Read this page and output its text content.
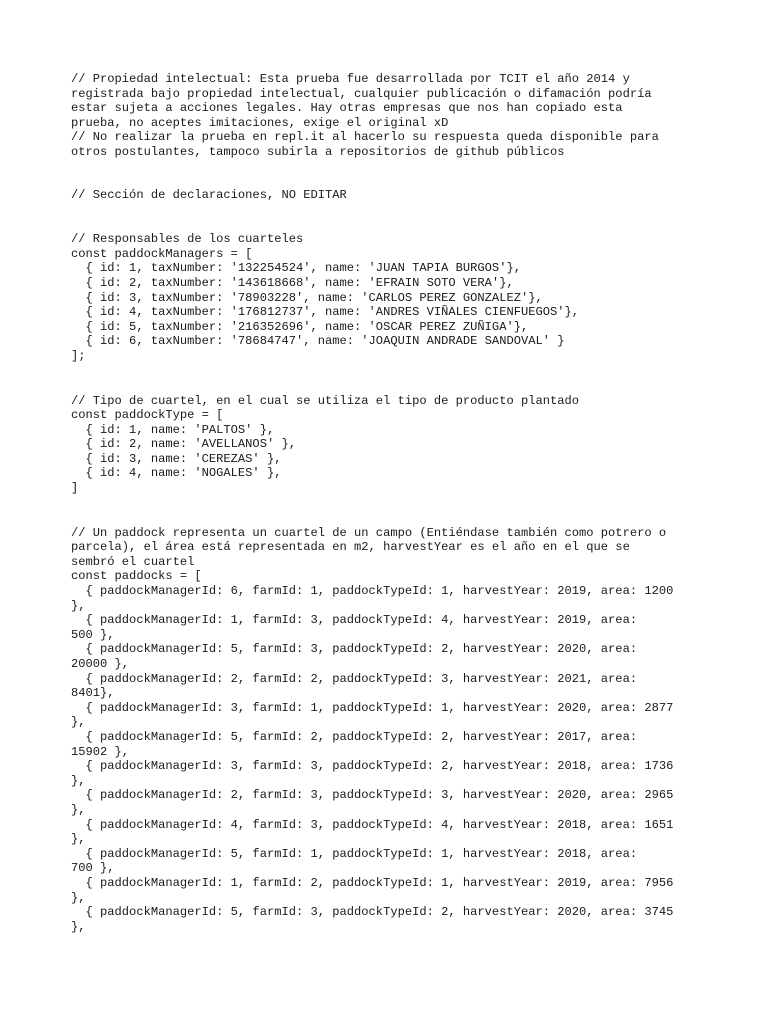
// Propiedad intelectual: Esta prueba fue desarrollada por TCIT el año 2014 y
registrada bajo propiedad intelectual, cualquier publicación o difamación podría
estar sujeta a acciones legales. Hay otras empresas que nos han copiado esta
prueba, no aceptes imitaciones, exige el original xD
// No realizar la prueba en repl.it al hacerlo su respuesta queda disponible para
otros postulantes, tampoco subirla a repositorios de github públicos
// Sección de declaraciones, NO EDITAR
// Responsables de los cuarteles
const paddockManagers = [
{ id: 1, taxNumber: '132254524', name: 'JUAN TAPIA BURGOS'},
{ id: 2, taxNumber: '143618668', name: 'EFRAIN SOTO VERA'},
{ id: 3, taxNumber: '78903228', name: 'CARLOS PEREZ GONZALEZ'},
{ id: 4, taxNumber: '176812737', name: 'ANDRES VIÑALES CIENFUEGOS'},
{ id: 5, taxNumber: '216352696', name: 'OSCAR PEREZ ZUÑIGA'},
{ id: 6, taxNumber: '78684747', name: 'JOAQUIN ANDRADE SANDOVAL' }
];
// Tipo de cuartel, en el cual se utiliza el tipo de producto plantado
const paddockType = [
{ id: 1, name: 'PALTOS' },
{ id: 2, name: 'AVELLANOS' },
{ id: 3, name: 'CEREZAS' },
{ id: 4, name: 'NOGALES' },
]
// Un paddock representa un cuartel de un campo (Entiéndase también como potrero o
parcela), el área está representada en m2, harvestYear es el año en el que se
sembró el cuartel
const paddocks = [
{ paddockManagerId: 6, farmId: 1, paddockTypeId: 1, harvestYear: 2019, area: 1200
},
{ paddockManagerId: 1, farmId: 3, paddockTypeId: 4, harvestYear: 2019, area:
500 },
{ paddockManagerId: 5, farmId: 3, paddockTypeId: 2, harvestYear: 2020, area:
20000 },
{ paddockManagerId: 2, farmId: 2, paddockTypeId: 3, harvestYear: 2021, area:
8401},
{ paddockManagerId: 3, farmId: 1, paddockTypeId: 1, harvestYear: 2020, area: 2877
},
{ paddockManagerId: 5, farmId: 2, paddockTypeId: 2, harvestYear: 2017, area:
15902 },
{ paddockManagerId: 3, farmId: 3, paddockTypeId: 2, harvestYear: 2018, area: 1736
},
{ paddockManagerId: 2, farmId: 3, paddockTypeId: 3, harvestYear: 2020, area: 2965
},
{ paddockManagerId: 4, farmId: 3, paddockTypeId: 4, harvestYear: 2018, area: 1651
},
{ paddockManagerId: 5, farmId: 1, paddockTypeId: 1, harvestYear: 2018, area:
700 },
{ paddockManagerId: 1, farmId: 2, paddockTypeId: 1, harvestYear: 2019, area: 7956
},
{ paddockManagerId: 5, farmId: 3, paddockTypeId: 2, harvestYear: 2020, area: 3745
},
